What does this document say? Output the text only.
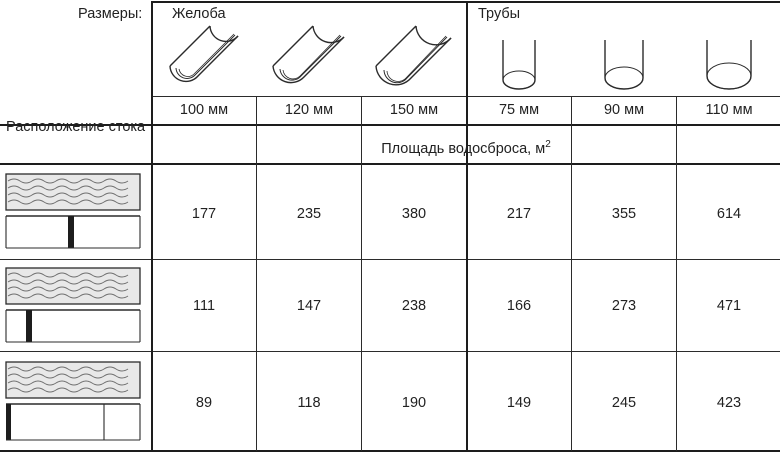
Размеры: Желоба	Трубы
100 мм	120 мм	150 мм	75 мм	90 мм	110 мм
Расположение стока
Площадь водосброса, $м^2$
177	235	380	217	355	614
111	147	238	166	273	471
89	118	190	149	245	423
